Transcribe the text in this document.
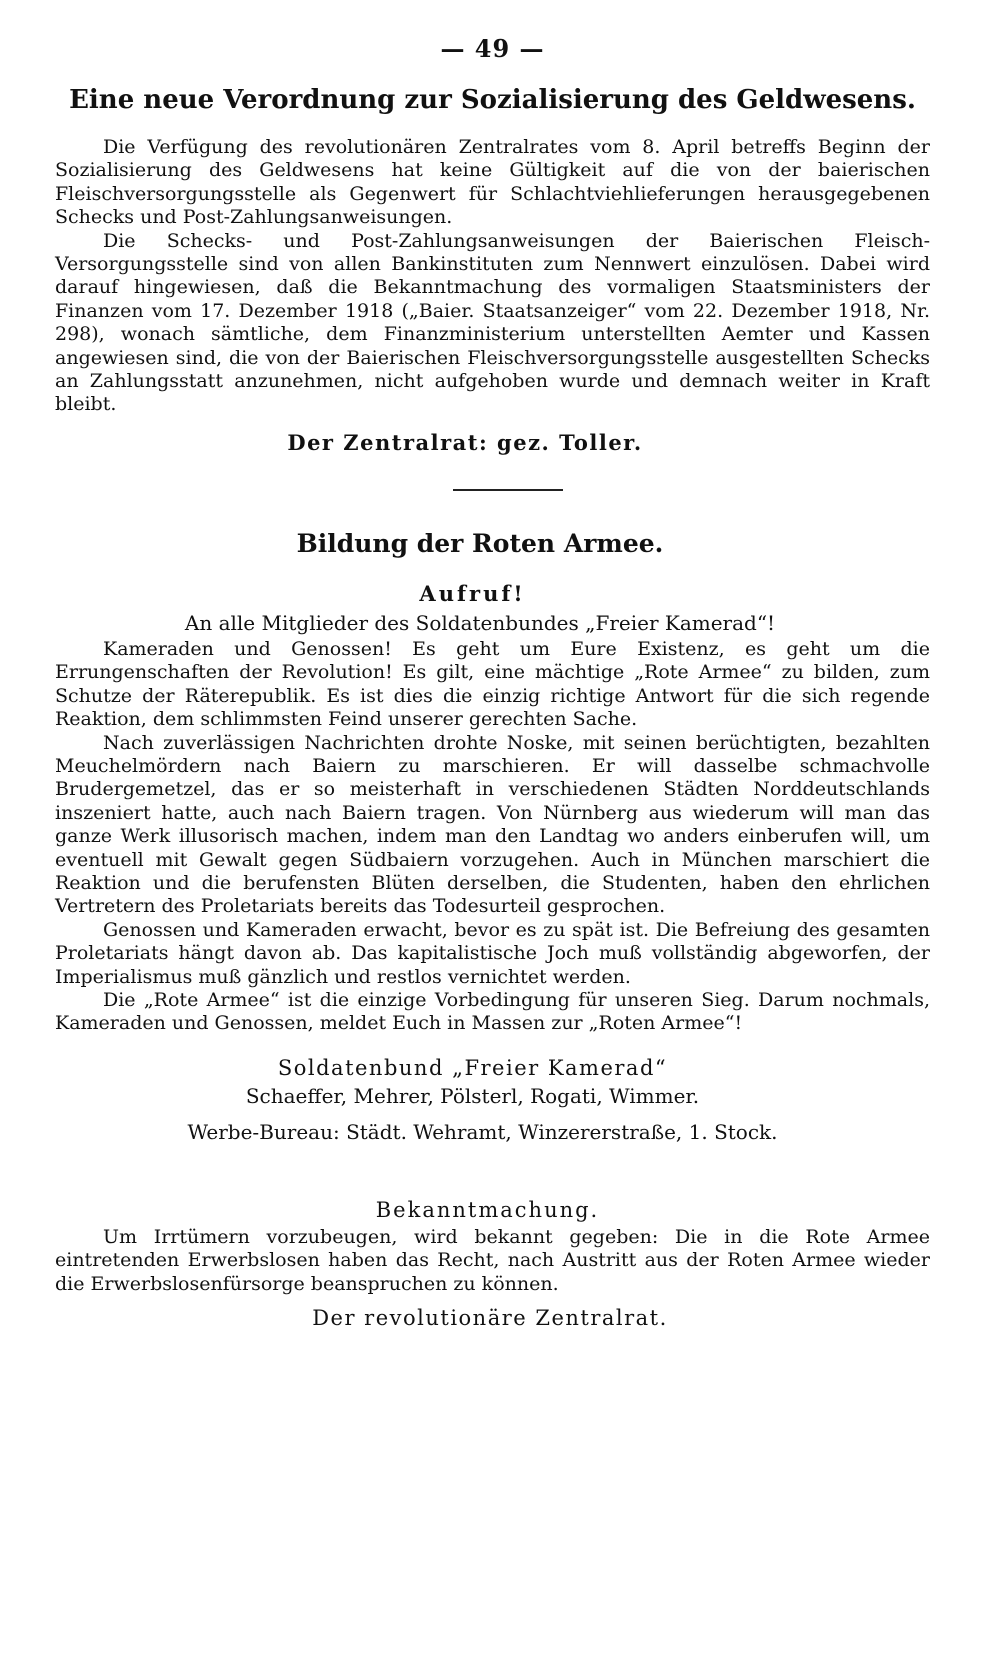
— 49 —
Eine neue Verordnung zur Sozialisierung des Geldwesens.

Die Verfügung des revolutionären Zentralrates vom 8. April betreffs Beginn der Sozialisierung des Geldwesens hat keine Gültigkeit auf die von der baierischen Fleischversorgungsstelle als Gegenwert für Schlachtviehlieferungen herausgegebenen Schecks und Post-Zahlungsanweisungen.

Die Schecks- und Post-Zahlungsanweisungen der Baierischen Fleisch-Versorgungsstelle sind von allen Bankinstituten zum Nennwert einzulösen. Dabei wird darauf hingewiesen, daß die Bekanntmachung des vormaligen Staatsministers der Finanzen vom 17. Dezember 1918 („Baier. Staatsanzeiger“ vom 22. Dezember 1918, Nr. 298), wonach sämtliche, dem Finanzministerium unterstellten Aemter und Kassen angewiesen sind, die von der Baierischen Fleischversorgungsstelle ausgestellten Schecks an Zahlungsstatt anzunehmen, nicht aufgehoben wurde und demnach weiter in Kraft bleibt.

Der Zentralrat: gez. Toller.
Bildung der Roten Armee.
Aufruf!
An alle Mitglieder des Soldatenbundes „Freier Kamerad“!

Kameraden und Genossen! Es geht um Eure Existenz, es geht um die Errungenschaften der Revolution! Es gilt, eine mächtige „Rote Armee“ zu bilden, zum Schutze der Räterepublik. Es ist dies die einzig richtige Antwort für die sich regende Reaktion, dem schlimmsten Feind unserer gerechten Sache.

Nach zuverlässigen Nachrichten drohte Noske, mit seinen berüchtigten, bezahlten Meuchelmördern nach Baiern zu marschieren. Er will dasselbe schmachvolle Brudergemetzel, das er so meisterhaft in verschiedenen Städten Norddeutschlands inszeniert hatte, auch nach Baiern tragen. Von Nürnberg aus wiederum will man das ganze Werk illusorisch machen, indem man den Landtag wo anders einberufen will, um eventuell mit Gewalt gegen Südbaiern vorzugehen. Auch in München marschiert die Reaktion und die berufensten Blüten derselben, die Studenten, haben den ehrlichen Vertretern des Proletariats bereits das Todesurteil gesprochen.

Genossen und Kameraden erwacht, bevor es zu spät ist. Die Befreiung des gesamten Proletariats hängt davon ab. Das kapitalistische Joch muß vollständig abgeworfen, der Imperialismus muß gänzlich und restlos vernichtet werden.

Die „Rote Armee“ ist die einzige Vorbedingung für unseren Sieg. Darum nochmals, Kameraden und Genossen, meldet Euch in Massen zur „Roten Armee“!

Soldatenbund „Freier Kamerad“
Schaeffer, Mehrer, Pölsterl, Rogati, Wimmer.
Werbe-Bureau: Städt. Wehramt, Winzererstraße, 1. Stock.
Bekanntmachung.

Um Irrtümern vorzubeugen, wird bekannt gegeben: Die in die Rote Armee eintretenden Erwerbslosen haben das Recht, nach Austritt aus der Roten Armee wieder die Erwerbslosenfürsorge beanspruchen zu können.

Der revolutionäre Zentralrat.
